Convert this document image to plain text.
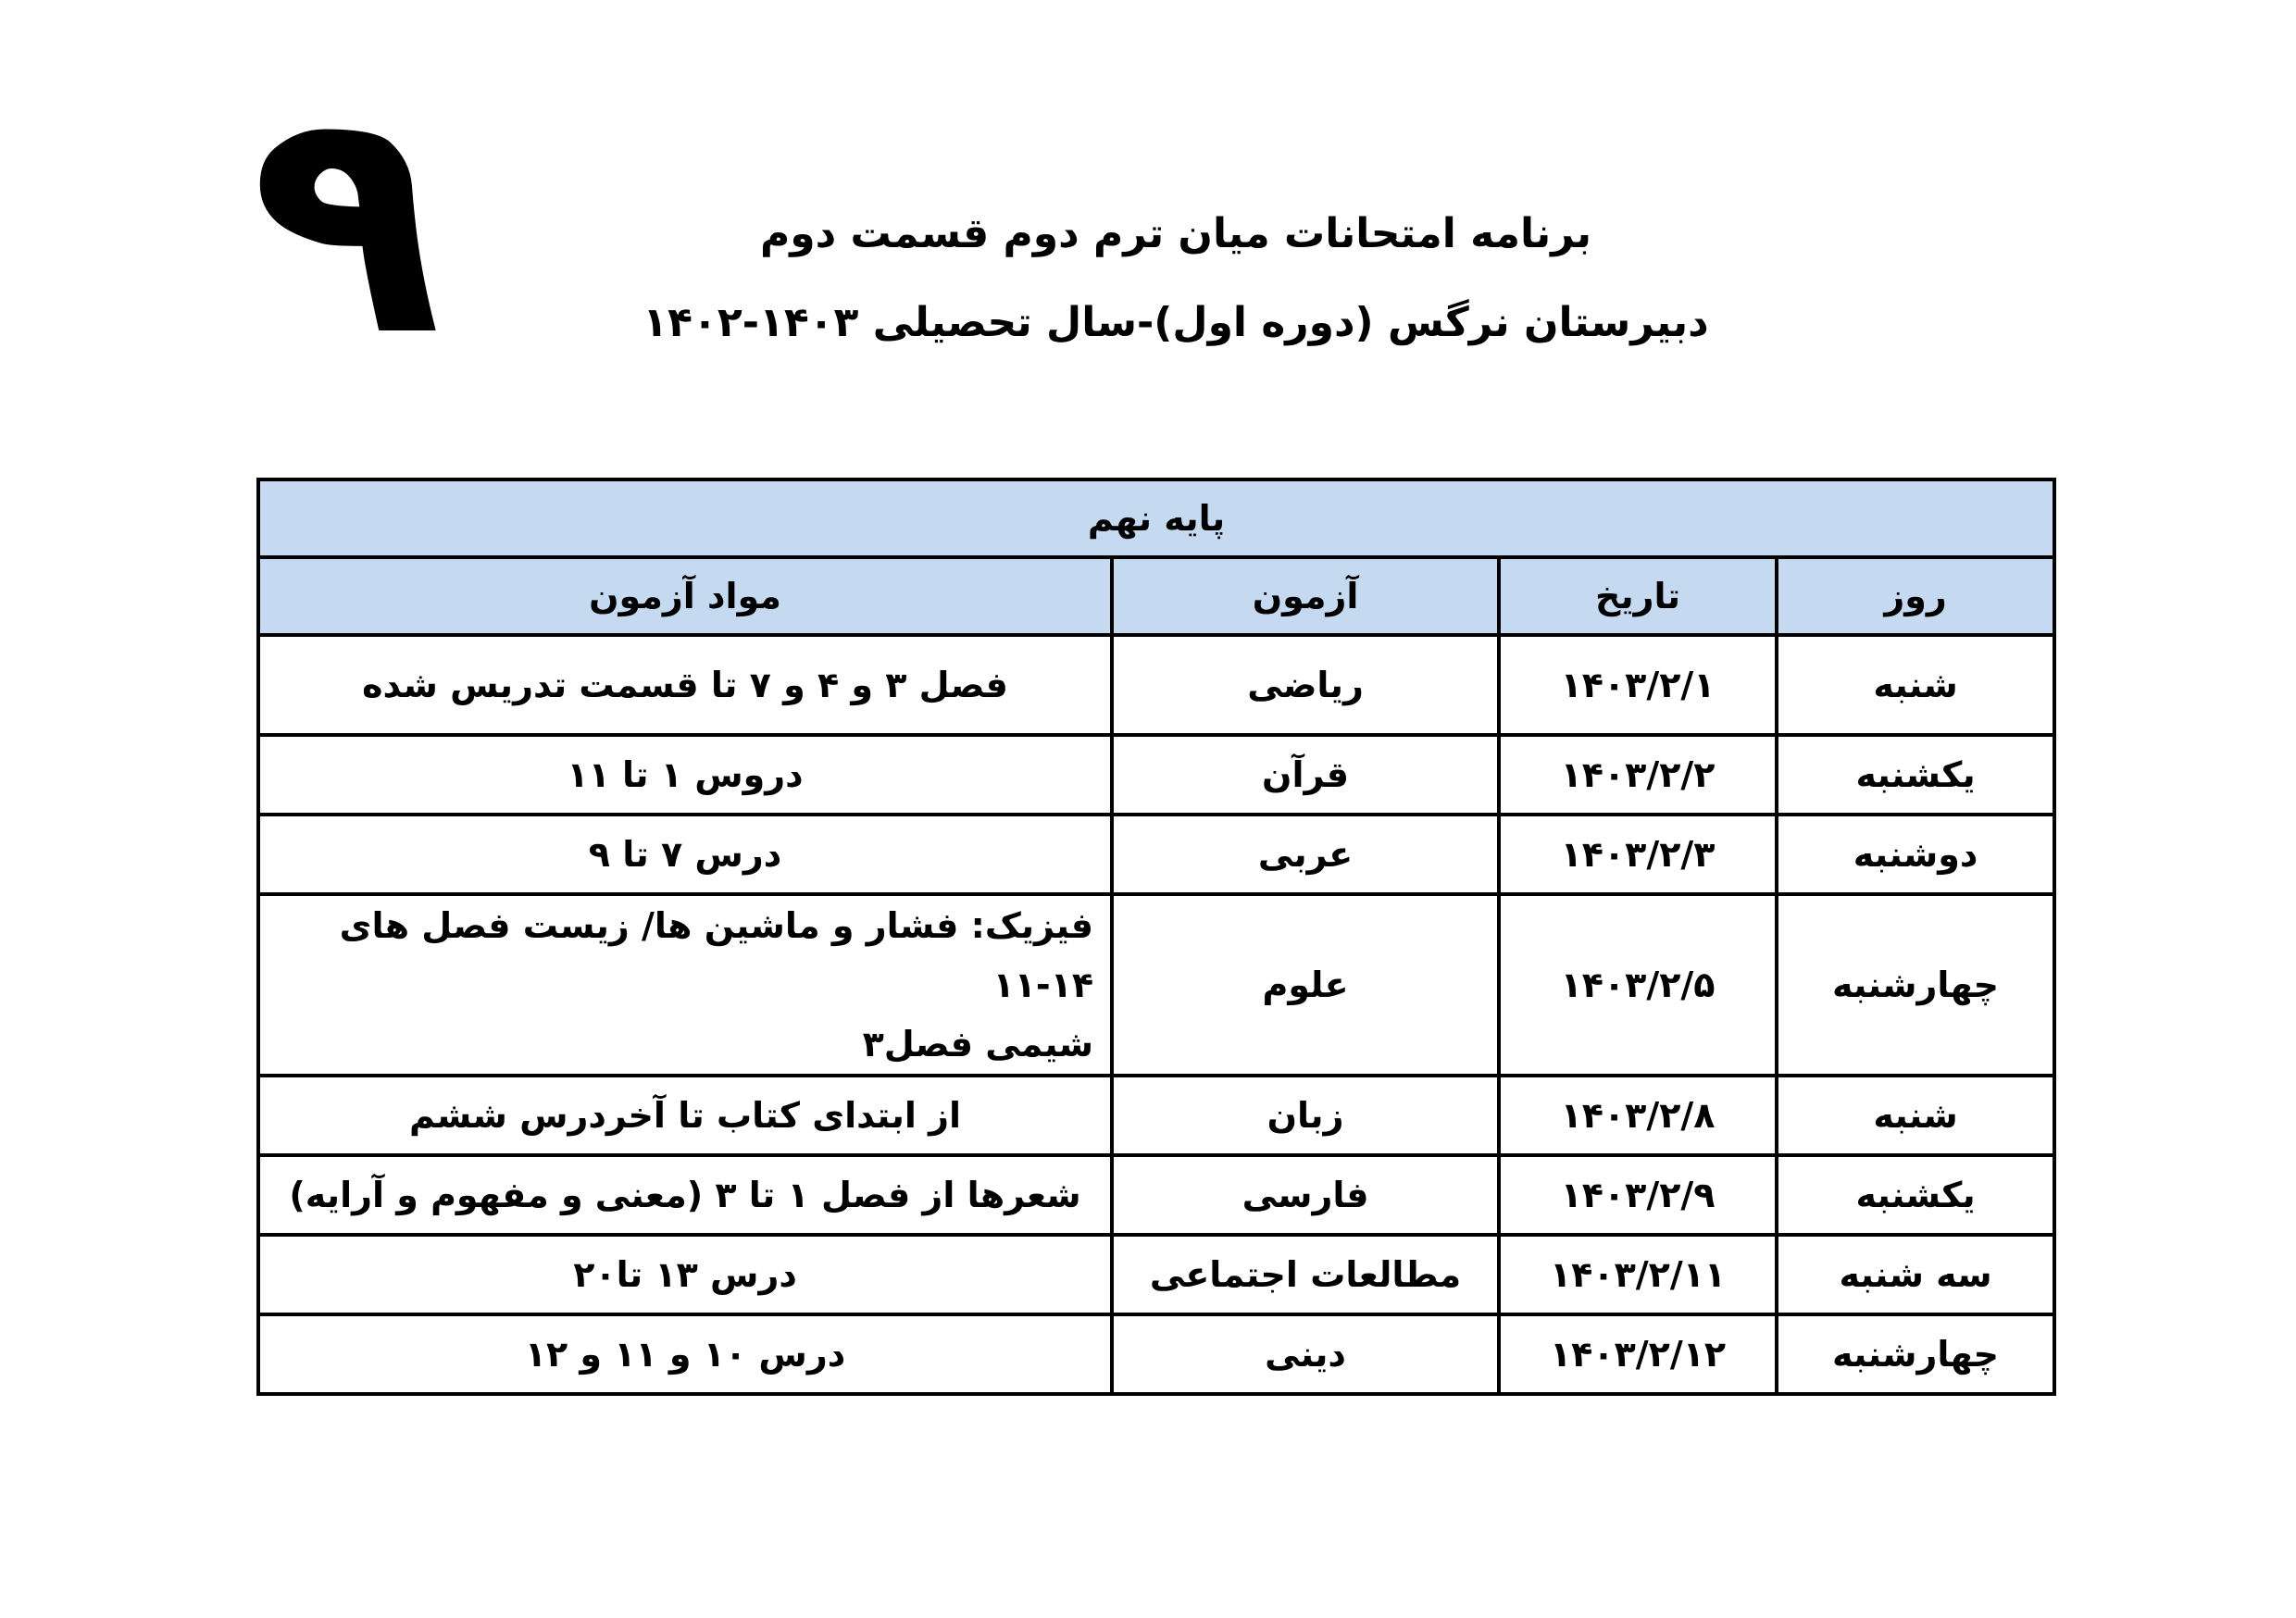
۹	برنامه امتحانات میان ترم دوم قسمت دوم
دبیرستان نرگس (دوره اول)-سال تحصیلی ۱۴۰۳-۱۴۰۲
پایه نهم			
روز	تاریخ	آزمون	مواد آزمون
شنبه	۱۴۰۳/۲/۱	ریاضی	فصل ۳ و ۴ و ۷ تا قسمت تدریس شده
یکشنبه	۱۴۰۳/۲/۲	قرآن	دروس ۱ تا ۱۱
دوشنبه	۱۴۰۳/۲/۳	عربی	درس ۷ تا ۹
چهارشنبه	۱۴۰۳/۲/۵	علوم	فیزیک: فشار و ماشین ها/ زیست فصل های ۱۴-۱۱
شیمی فصل۳

شنبه	۱۴۰۳/۲/۸	زبان	از ابتدای کتاب تا آخردرس ششم
یکشنبه	۱۴۰۳/۲/۹	فارسی	شعرها از فصل ۱ تا ۳ (معنی و مفهوم و آرایه)
سه شنبه	۱۴۰۳/۲/۱۱	مطالعات اجتماعی	درس ۱۳ تا۲۰
چهارشنبه	۱۴۰۳/۲/۱۲	دینی	درس ۱۰ و ۱۱ و ۱۲
